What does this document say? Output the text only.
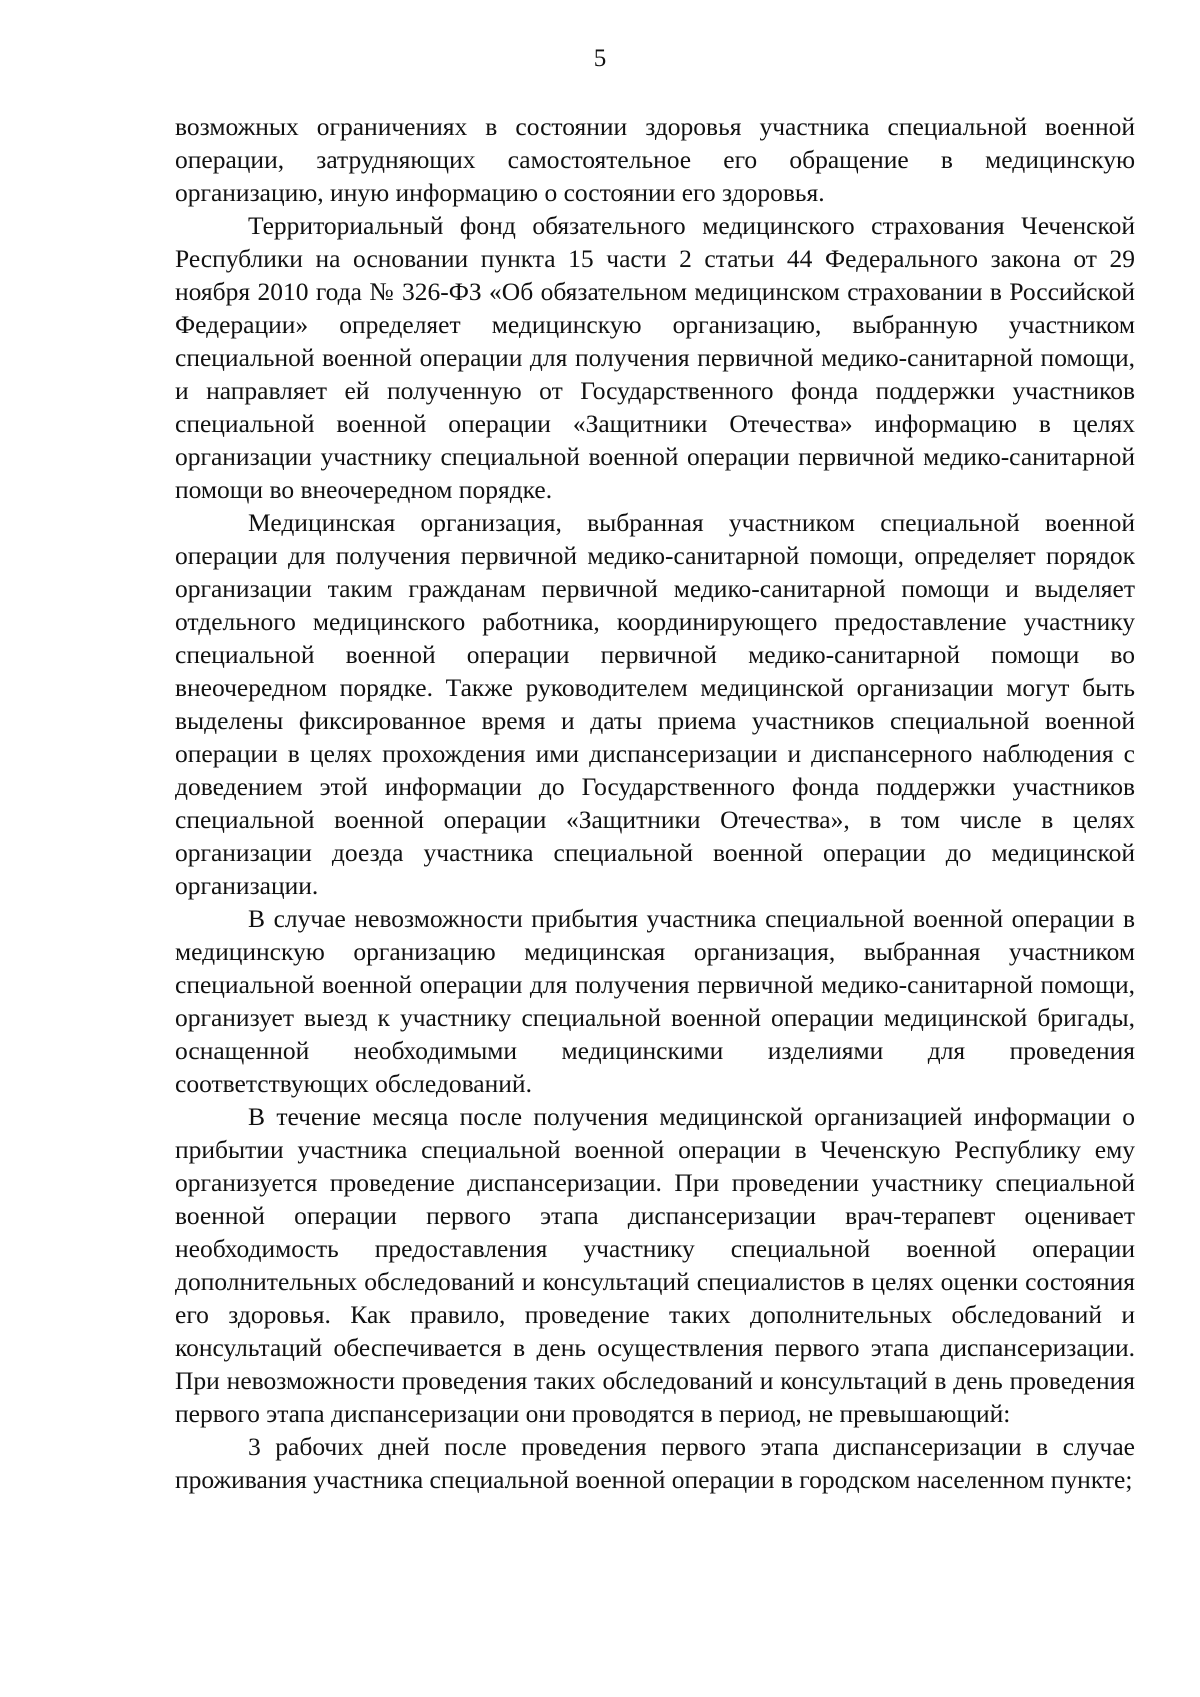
5

возможных ограничениях в состоянии здоровья участника специальной военной операции, затрудняющих самостоятельное его обращение в медицинскую организацию, иную информацию о состоянии его здоровья.

Территориальный фонд обязательного медицинского страхования Чеченской Республики на основании пункта 15 части 2 статьи 44 Федерального закона от 29 ноября 2010 года № 326-ФЗ «Об обязательном медицинском страховании в Российской Федерации» определяет медицинскую организацию, выбранную участником специальной военной операции для получения первичной медико-санитарной помощи, и направляет ей полученную от Государственного фонда поддержки участников специальной военной операции «Защитники Отечества» информацию в целях организации участнику специальной военной операции первичной медико-санитарной помощи во внеочередном порядке.

Медицинская организация, выбранная участником специальной военной операции для получения первичной медико-санитарной помощи, определяет порядок организации таким гражданам первичной медико-санитарной помощи и выделяет отдельного медицинского работника, координирующего предоставление участнику специальной военной операции первичной медико-санитарной помощи во внеочередном порядке. Также руководителем медицинской организации могут быть выделены фиксированное время и даты приема участников специальной военной операции в целях прохождения ими диспансеризации и диспансерного наблюдения с доведением этой информации до Государственного фонда поддержки участников специальной военной операции «Защитники Отечества», в том числе в целях организации доезда участника специальной военной операции до медицинской организации.

В случае невозможности прибытия участника специальной военной операции в медицинскую организацию медицинская организация, выбранная участником специальной военной операции для получения первичной медико-санитарной помощи, организует выезд к участнику специальной военной операции медицинской бригады, оснащенной необходимыми медицинскими изделиями для проведения соответствующих обследований.

В течение месяца после получения медицинской организацией информации о прибытии участника специальной военной операции в Чеченскую Республику ему организуется проведение диспансеризации. При проведении участнику специальной военной операции первого этапа диспансеризации врач-терапевт оценивает необходимость предоставления участнику специальной военной операции дополнительных обследований и консультаций специалистов в целях оценки состояния его здоровья. Как правило, проведение таких дополнительных обследований и консультаций обеспечивается в день осуществления первого этапа диспансеризации. При невозможности проведения таких обследований и консультаций в день проведения первого этапа диспансеризации они проводятся в период, не превышающий:

3 рабочих дней после проведения первого этапа диспансеризации в случае проживания участника специальной военной операции в городском населенном пункте;
